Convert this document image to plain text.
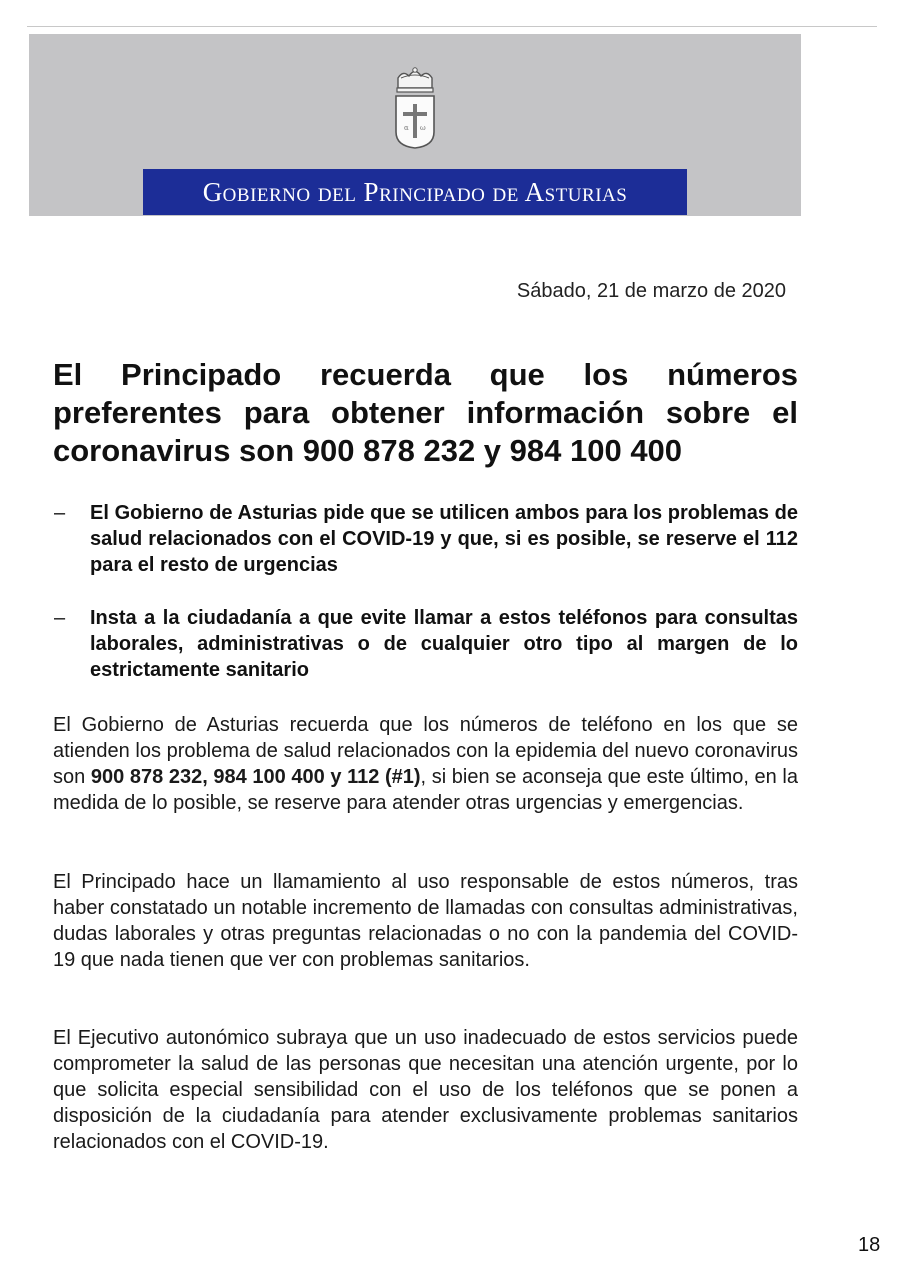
α ω
Gobierno del Principado de Asturias
Sábado, 21 de marzo de 2020
El Principado recuerda que los números preferentes para obtener información sobre el coronavirus son 900 878 232 y 984 100 400
– El Gobierno de Asturias pide que se utilicen ambos para los problemas de salud relacionados con el COVID-19 y que, si es posible, se reserve el 112 para el resto de urgencias
– Insta a la ciudadanía a que evite llamar a estos teléfonos para consultas laborales, administrativas o de cualquier otro tipo al margen de lo estrictamente sanitario

El Gobierno de Asturias recuerda que los números de teléfono en los que se atienden los problema de salud relacionados con la epidemia del nuevo coronavirus son 900 878 232, 984 100 400 y 112 (#1), si bien se aconseja que este último, en la medida de lo posible, se reserve para atender otras urgencias y emergencias.

El Principado hace un llamamiento al uso responsable de estos números, tras haber constatado un notable incremento de llamadas con consultas administrativas, dudas laborales y otras preguntas relacionadas o no con la pandemia del COVID-19 que nada tienen que ver con problemas sanitarios.

El Ejecutivo autonómico subraya que un uso inadecuado de estos servicios puede comprometer la salud de las personas que necesitan una atención urgente, por lo que solicita especial sensibilidad con el uso de los teléfonos que se ponen a disposición de la ciudadanía para atender exclusivamente problemas sanitarios relacionados con el COVID-19.

18
